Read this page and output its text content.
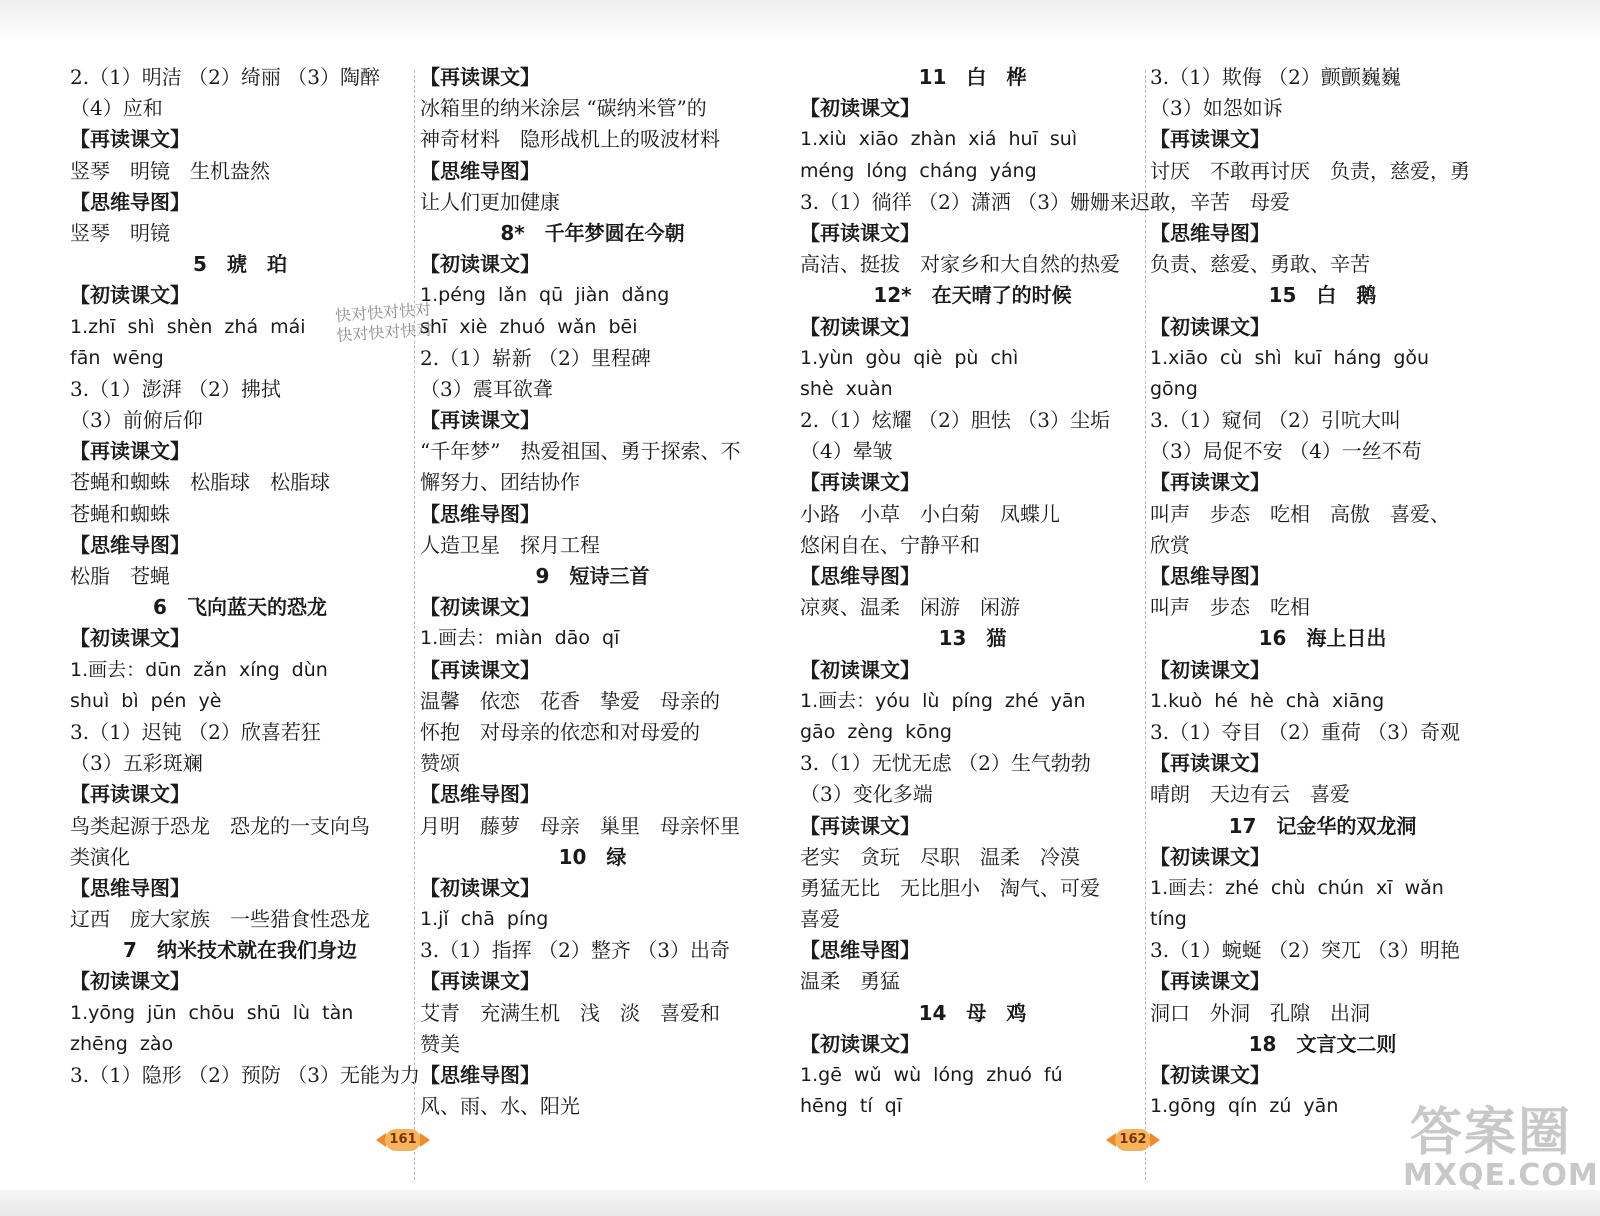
2.（1）明洁 （2）绮丽 （3）陶醉
（4）应和
【再读课文】
竖琴　明镜　生机盎然
【思维导图】
竖琴　明镜
5　琥　珀
【初读课文】
1.zhī shì shèn zhá mái
fān wēng
3.（1）澎湃 （2）拂拭
（3）前俯后仰
【再读课文】
苍蝇和蜘蛛　松脂球　松脂球
苍蝇和蜘蛛
【思维导图】
松脂　苍蝇
6　飞向蓝天的恐龙
【初读课文】
1.画去：dūn zǎn xíng dùn
shuì bì pén yè
3.（1）迟钝 （2）欣喜若狂
（3）五彩斑斓
【再读课文】
鸟类起源于恐龙　恐龙的一支向鸟
类演化
【思维导图】
辽西　庞大家族　一些猎食性恐龙
7　纳米技术就在我们身边
【初读课文】
1.yōng jūn chōu shū lù tàn
zhēng zào
3.（1）隐形 （2）预防 （3）无能为力
【再读课文】
冰箱里的纳米涂层 “碳纳米管”的
神奇材料　隐形战机上的吸波材料
【思维导图】
让人们更加健康
8*　千年梦圆在今朝
【初读课文】
1.péng lǎn qū jiàn dǎng
shī xiè zhuó wǎn bēi
2.（1）崭新 （2）里程碑
（3）震耳欲聋
【再读课文】
“千年梦”　热爱祖国、勇于探索、不
懈努力、团结协作
【思维导图】
人造卫星　探月工程
9　短诗三首
【初读课文】
1.画去：miàn dāo qī
【再读课文】
温馨　依恋　花香　挚爱　母亲的
怀抱　对母亲的依恋和对母爱的
赞颂
【思维导图】
月明　藤萝　母亲　巢里　母亲怀里
10　绿
【初读课文】
1.jǐ chā píng
3.（1）指挥 （2）整齐 （3）出奇
【再读课文】
艾青　充满生机　浅　淡　喜爱和
赞美
【思维导图】
风、雨、水、阳光
11　白　桦
【初读课文】
1.xiù xiāo zhàn xiá huī suì
méng lóng cháng yáng
3.（1）徜徉 （2）潇洒 （3）姗姗来迟
【再读课文】
高洁、挺拔　对家乡和大自然的热爱
12*　在天晴了的时候
【初读课文】
1.yùn gòu qiè pù chì
shè xuàn
2.（1）炫耀 （2）胆怯 （3）尘垢
（4）晕皱
【再读课文】
小路　小草　小白菊　凤蝶儿
悠闲自在、宁静平和
【思维导图】
凉爽、温柔　闲游　闲游
13　猫
【初读课文】
1.画去：yóu lù píng zhé yān
gāo zèng kōng
3.（1）无忧无虑 （2）生气勃勃
（3）变化多端
【再读课文】
老实　贪玩　尽职　温柔　冷漠
勇猛无比　无比胆小　淘气、可爱
喜爱
【思维导图】
温柔　勇猛
14　母　鸡
【初读课文】
1.gē wǔ wù lóng zhuó fú
hēng tí qī
3.（1）欺侮 （2）颤颤巍巍
（3）如怨如诉
【再读课文】
讨厌　不敢再讨厌　负责，慈爱，勇
敢，辛苦　母爱
【思维导图】
负责、慈爱、勇敢、辛苦
15　白　鹅
【初读课文】
1.xiāo cù shì kuī háng gǒu
gōng
3.（1）窥伺 （2）引吭大叫
（3）局促不安 （4）一丝不苟
【再读课文】
叫声　步态　吃相　高傲　喜爱、
欣赏
【思维导图】
叫声　步态　吃相
16　海上日出
【初读课文】
1.kuò hé hè chà xiāng
3.（1）夺目 （2）重荷 （3）奇观
【再读课文】
晴朗　天边有云　喜爱
17　记金华的双龙洞
【初读课文】
1.画去：zhé chù chún xī wǎn
tíng
3.（1）蜿蜒 （2）突兀 （3）明艳
【再读课文】
洞口　外洞　孔隙　出洞
18　文言文二则
【初读课文】
1.gōng qín zú yān
快对快对快对
快对快对快对
161	162	答案圈
MXQE.COM
